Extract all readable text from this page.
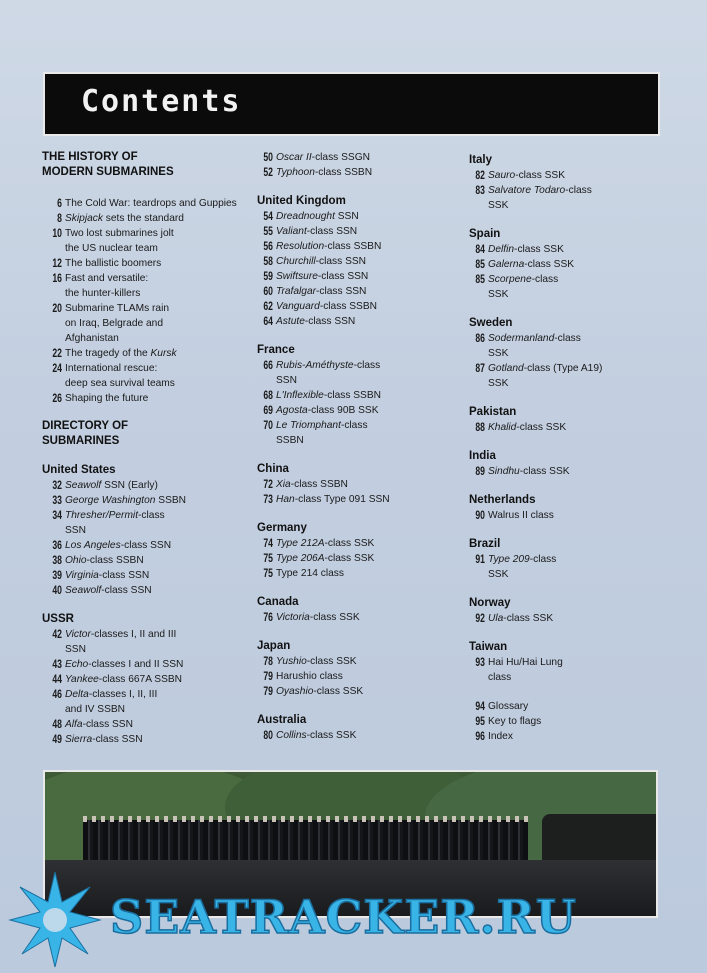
Contents
THE HISTORY OF
MODERN SUBMARINES
6 The Cold War: teardrops and Guppies
8 Skipjack sets the standard
10 Two lost submarines jolt
the US nuclear team
12 The ballistic boomers
16 Fast and versatile:
the hunter-killers
20 Submarine TLAMs rain
on Iraq, Belgrade and
Afghanistan
22 The tragedy of the Kursk
24 International rescue:
deep sea survival teams
26 Shaping the future
DIRECTORY OF
SUBMARINES
United States
32 Seawolf SSN (Early)
33 George Washington SSBN
34 Thresher/Permit-class
SSN
36 Los Angeles-class SSN
38 Ohio-class SSBN
39 Virginia-class SSN
40 Seawolf-class SSN
USSR
42 Victor-classes I, II and III
SSN
43 Echo-classes I and II SSN
44 Yankee-class 667A SSBN
46 Delta-classes I, II, III
and IV SSBN
48 Alfa-class SSN
49 Sierra-class SSN
50 Oscar II-class SSGN
52 Typhoon-class SSBN
United Kingdom
54 Dreadnought SSN
55 Valiant-class SSN
56 Resolution-class SSBN
58 Churchill-class SSN
59 Swiftsure-class SSN
60 Trafalgar-class SSN
62 Vanguard-class SSBN
64 Astute-class SSN
France
66 Rubis-Améthyste-class
SSN
68 L'Inflexible-class SSBN
69 Agosta-class 90B SSK
70 Le Triomphant-class
SSBN
China
72 Xia-class SSBN
73 Han-class Type 091 SSN
Germany
74 Type 212A-class SSK
75 Type 206A-class SSK
75 Type 214 class
Canada
76 Victoria-class SSK
Japan
78 Yushio-class SSK
79 Harushio class
79 Oyashio-class SSK
Australia
80 Collins-class SSK
Italy
82 Sauro-class SSK
83 Salvatore Todaro-class
SSK
Spain
84 Delfin-class SSK
85 Galerna-class SSK
85 Scorpene-class
SSK
Sweden
86 Sodermanland-class
SSK
87 Gotland-class (Type A19)
SSK
Pakistan
88 Khalid-class SSK
India
89 Sindhu-class SSK
Netherlands
90 Walrus II class
Brazil
91 Type 209-class
SSK
Norway
92 Ula-class SSK
Taiwan
93 Hai Hu/Hai Lung
class
94 Glossary
95 Key to flags
96 Index
SEATRACKER.RU
